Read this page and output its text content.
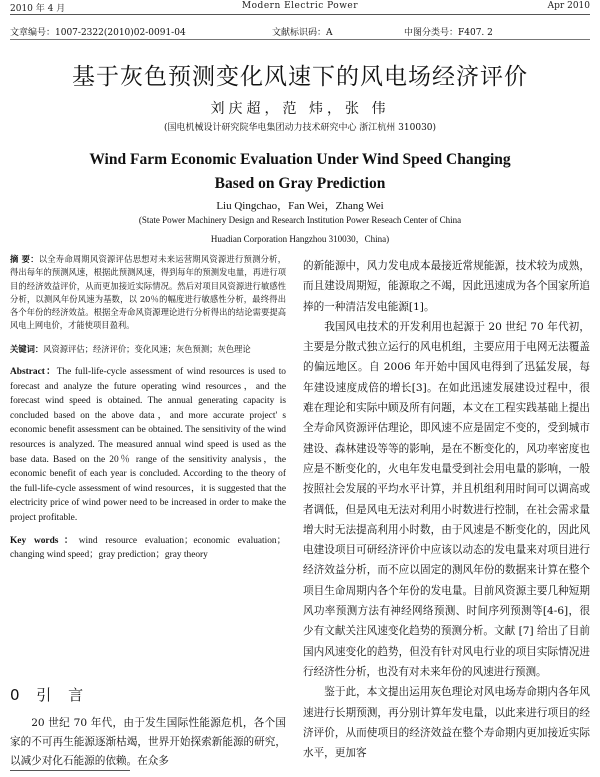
2010 年 4 月	Modern Electric Power	Apr 2010
文章编号：1007-2322(2010)02-0091-04	文献标识码：A	中图分类号：F407. 2
基于灰色预测变化风速下的风电场经济评价
刘庆超，范 炜，张 伟
(国电机械设计研究院华电集团动力技术研究中心 浙江杭州 310030)
Wind Farm Economic Evaluation Under Wind Speed Changing
Based on Gray Prediction
Liu Qingchao，Fan Wei，Zhang Wei
(State Power Machinery Design and Research Institution Power Reseach Center of China
Huadian Corporation Hangzhou 310030，China)

摘 要：以全寿命周期风资源评估思想对未来运营期风资源进行预测分析，得出每年的预测风速，根据此预测风速，得到每年的预测发电量，再进行项目的经济效益评价，从而更加接近实际情况。然后对项目风资源进行敏感性分析，以测风年份风速为基数，以 20％的幅度进行敏感性分析，最终得出各个年份的经济效益。根据全寿命风资源理论进行分析得出的结论需要提高风电上网电价，才能使项目盈利。

关键词：风资源评估；经济评价；变化风速；灰色预测；灰色理论

Abstract：The full-life-cycle assessment of wind resources is used to forecast and analyze the future operating wind resources，and the forecast wind speed is obtained. The annual generating capacity is concluded based on the above data，and more accurate project' s economic benefit assessment can be obtained. The sensitivity of the wind resources is analyzed. The measured annual wind speed is used as the base data. Based on the 20％ range of the sensitivity analysis，the economic benefit of each year is concluded. According to the theory of the full-life-cycle assessment of wind resources，it is suggested that the electricity price of wind power need to be increased in order to make the project profitable.

Key words：wind resource evaluation；economic evaluation；changing wind speed；gray prediction；gray theory

0 引 言
20 世纪 70 年代，由于发生国际性能源危机，各个国家的不可再生能源逐渐枯竭，世界开始探索新能源的研究，以减少对化石能源的依赖。在众多

的新能源中，风力发电成本最接近常规能源，技术较为成熟，而且建设周期短，能源取之不竭，因此迅速成为各个国家所追捧的一种清洁发电能源[1]。

我国风电技术的开发利用也起源于 20 世纪 70 年代初，主要是分散式独立运行的风电机组，主要应用于电网无法覆盖的偏远地区。自 2006 年开始中国风电得到了迅猛发展，每年建设速度成倍的增长[3]。在如此迅速发展建设过程中，很难在理论和实际中顾及所有问题，本文在工程实践基础上提出全寿命风资源评估理论，即风速不应是固定不变的，受到城市建设、森林建设等等的影响，是在不断变化的，风功率密度也应是不断变化的，火电年发电量受到社会用电量的影响，一般按照社会发展的平均水平计算，并且机组利用时间可以调高或者调低，但是风电无法对利用小时数进行控制，在社会需求量增大时无法提高利用小时数，由于风速是不断变化的，因此风电建设项目可研经济评价中应该以动态的发电量来对项目进行经济效益分析，而不应以固定的测风年份的数据来计算在整个项目生命周期内各个年份的发电量。目前风资源主要几种短期风功率预测方法有神经网络预测、时间序列预测等[4-6]，很少有文献关注风速变化趋势的预测分析。文献 [7] 给出了目前国内风速变化的趋势，但没有针对风电行业的项目实际情况进行经济性分析，也没有对未来年份的风速进行预测。

鉴于此，本文提出运用灰色理论对风电场寿命期内各年风速进行长期预测，再分别计算年发电量，以此来进行项目的经济评价，从而使项目的经济效益在整个寿命期内更加接近实际水平，更加客
